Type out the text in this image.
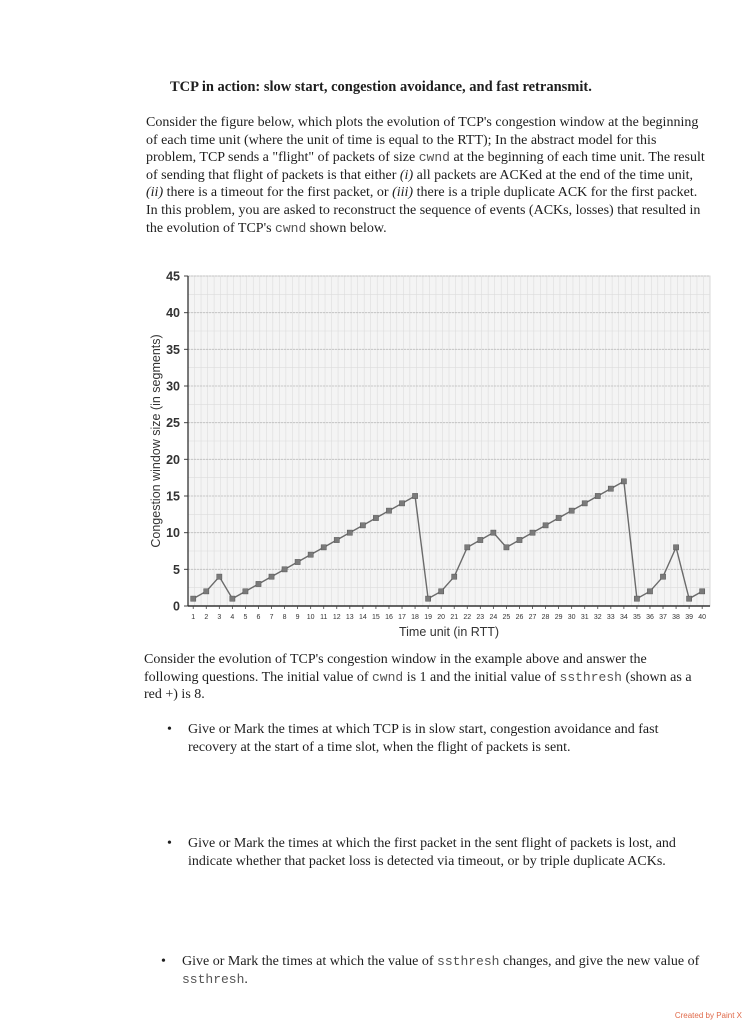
TCP in action: slow start, congestion avoidance, and fast retransmit.
Consider the figure below, which plots the evolution of TCP's congestion window at the beginning of each time unit (where the unit of time is equal to the RTT); In the abstract model for this problem, TCP sends a "flight" of packets of size cwnd at the beginning of each time unit. The result of sending that flight of packets is that either (i) all packets are ACKed at the end of the time unit, (ii) there is a timeout for the first packet, or (iii) there is a triple duplicate ACK for the first packet. In this problem, you are asked to reconstruct the sequence of events (ACKs, losses) that resulted in the evolution of TCP's cwnd shown below.
0
5
10
15
20
25
30
35
40
45
1 2 3 4 5 6 7 8 9 10 11 12 13 14 15 16 17 18 19 20 21 22 23 24 25 26 27 28 29 30 31 32 33 34 35 36 37 38 39 40
Time unit (in RTT)
Congestion window size (in segments)
Consider the evolution of TCP's congestion window in the example above and answer the following questions. The initial value of cwnd is 1 and the initial value of ssthresh (shown as a red +) is 8.
• Give or Mark the times at which TCP is in slow start, congestion avoidance and fast recovery at the start of a time slot, when the flight of packets is sent.
• Give or Mark the times at which the first packet in the sent flight of packets is lost, and indicate whether that packet loss is detected via timeout, or by triple duplicate ACKs.
• Give or Mark the times at which the value of ssthresh changes, and give the new value of ssthresh.
Created by Paint X
